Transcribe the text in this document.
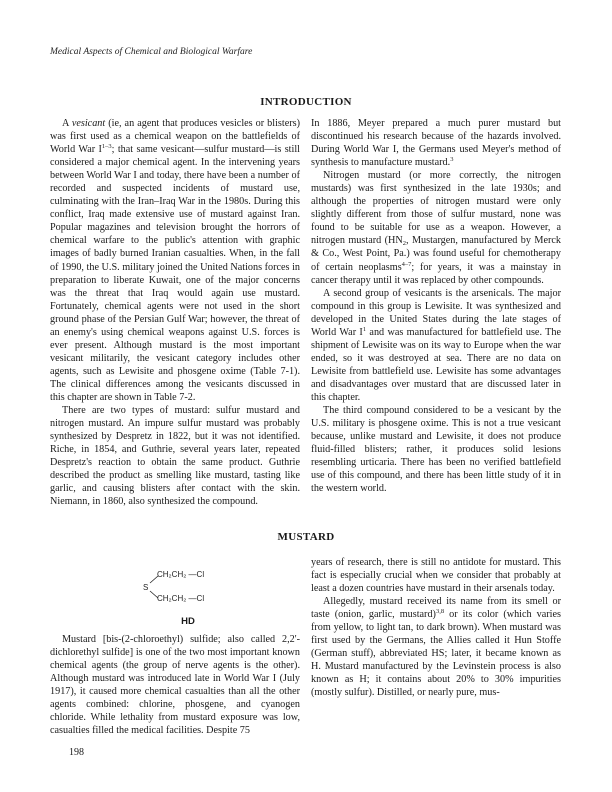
Medical Aspects of Chemical and Biological Warfare
INTRODUCTION

A vesicant (ie, an agent that produces vesicles or blisters) was first used as a chemical weapon on the battlefields of World War $I^{1-3}$; that same vesicant—sulfur mustard—is still considered a major chemical agent. In the intervening years between World War I and today, there have been a number of recorded and suspected incidents of mustard use, culminating with the Iran–Iraq War in the 1980s. During this conflict, Iraq made extensive use of mustard against Iran. Popular magazines and television brought the horrors of chemical warfare to the public's attention with graphic images of badly burned Iranian casualties. When, in the fall of 1990, the U.S. military joined the United Nations forces in preparation to liberate Kuwait, one of the major concerns was the threat that Iraq would again use mustard. Fortunately, chemical agents were not used in the short ground phase of the Persian Gulf War; however, the threat of an enemy's using chemical weapons against U.S. forces is ever present. Although mustard is the most important vesicant militarily, the vesicant category includes other agents, such as Lewisite and phosgene oxime (Table 7-1). The clinical differences among the vesicants discussed in this chapter are shown in Table 7-2.

There are two types of mustard: sulfur mustard and nitrogen mustard. An impure sulfur mustard was probably synthesized by Despretz in 1822, but it was not identified. Riche, in 1854, and Guthrie, several years later, repeated Despretz's reaction to obtain the same product. Guthrie described the product as smelling like mustard, tasting like garlic, and causing blisters after contact with the skin. Niemann, in 1860, also synthesized the compound.

In 1886, Meyer prepared a much purer mustard but discontinued his research because of the hazards involved. During World War I, the Germans used Meyer's method of synthesis to manufacture mustard.$^3$

Nitrogen mustard (or more correctly, the nitrogen mustards) was first synthesized in the late 1930s; and although the properties of nitrogen mustard were only slightly different from those of sulfur mustard, none was found to be suitable for use as a weapon. However, a nitrogen mustard ($HN_2$, Mustargen, manufactured by Merck & Co., West Point, Pa.) was found useful for chemotherapy of certain neoplasms$^{4-7}$; for years, it was a mainstay in cancer therapy until it was replaced by other compounds.

A second group of vesicants is the arsenicals. The major compound in this group is Lewisite. It was synthesized and developed in the United States during the late stages of World War $I^1$ and was manufactured for battlefield use. The shipment of Lewisite was on its way to Europe when the war ended, so it was destroyed at sea. There are no data on Lewisite from battlefield use. Lewisite has some advantages and disadvantages over mustard that are discussed later in this chapter.

The third compound considered to be a vesicant by the U.S. military is phosgene oxime. This is not a true vesicant because, unlike mustard and Lewisite, it does not produce fluid-filled blisters; rather, it produces solid lesions resembling urticaria. There has been no verified battlefield use of this compound, and there has been little study of it in the western world.

MUSTARD
S
CH₂CH₂ —Cl
CH₂CH₂ —Cl
HD

Mustard [bis-(2-chloroethyl) sulfide; also called 2,2'-dichlorethyl sulfide] is one of the two most important known chemical agents (the group of nerve agents is the other). Although mustard was introduced late in World War I (July 1917), it caused more chemical casualties than all the other agents combined: chlorine, phosgene, and cyanogen chloride. While lethality from mustard exposure was low, casualties filled the medical facilities. Despite 75

years of research, there is still no antidote for mustard. This fact is especially crucial when we consider that probably at least a dozen countries have mustard in their arsenals today.

Allegedly, mustard received its name from its smell or taste (onion, garlic, mustard)$^{3,8}$ or its color (which varies from yellow, to light tan, to dark brown). When mustard was first used by the Germans, the Allies called it Hun Stoffe (German stuff), abbreviated HS; later, it became known as H. Mustard manufactured by the Levinstein process is also known as H; it contains about 20% to 30% impurities (mostly sulfur). Distilled, or nearly pure, mus-

198
